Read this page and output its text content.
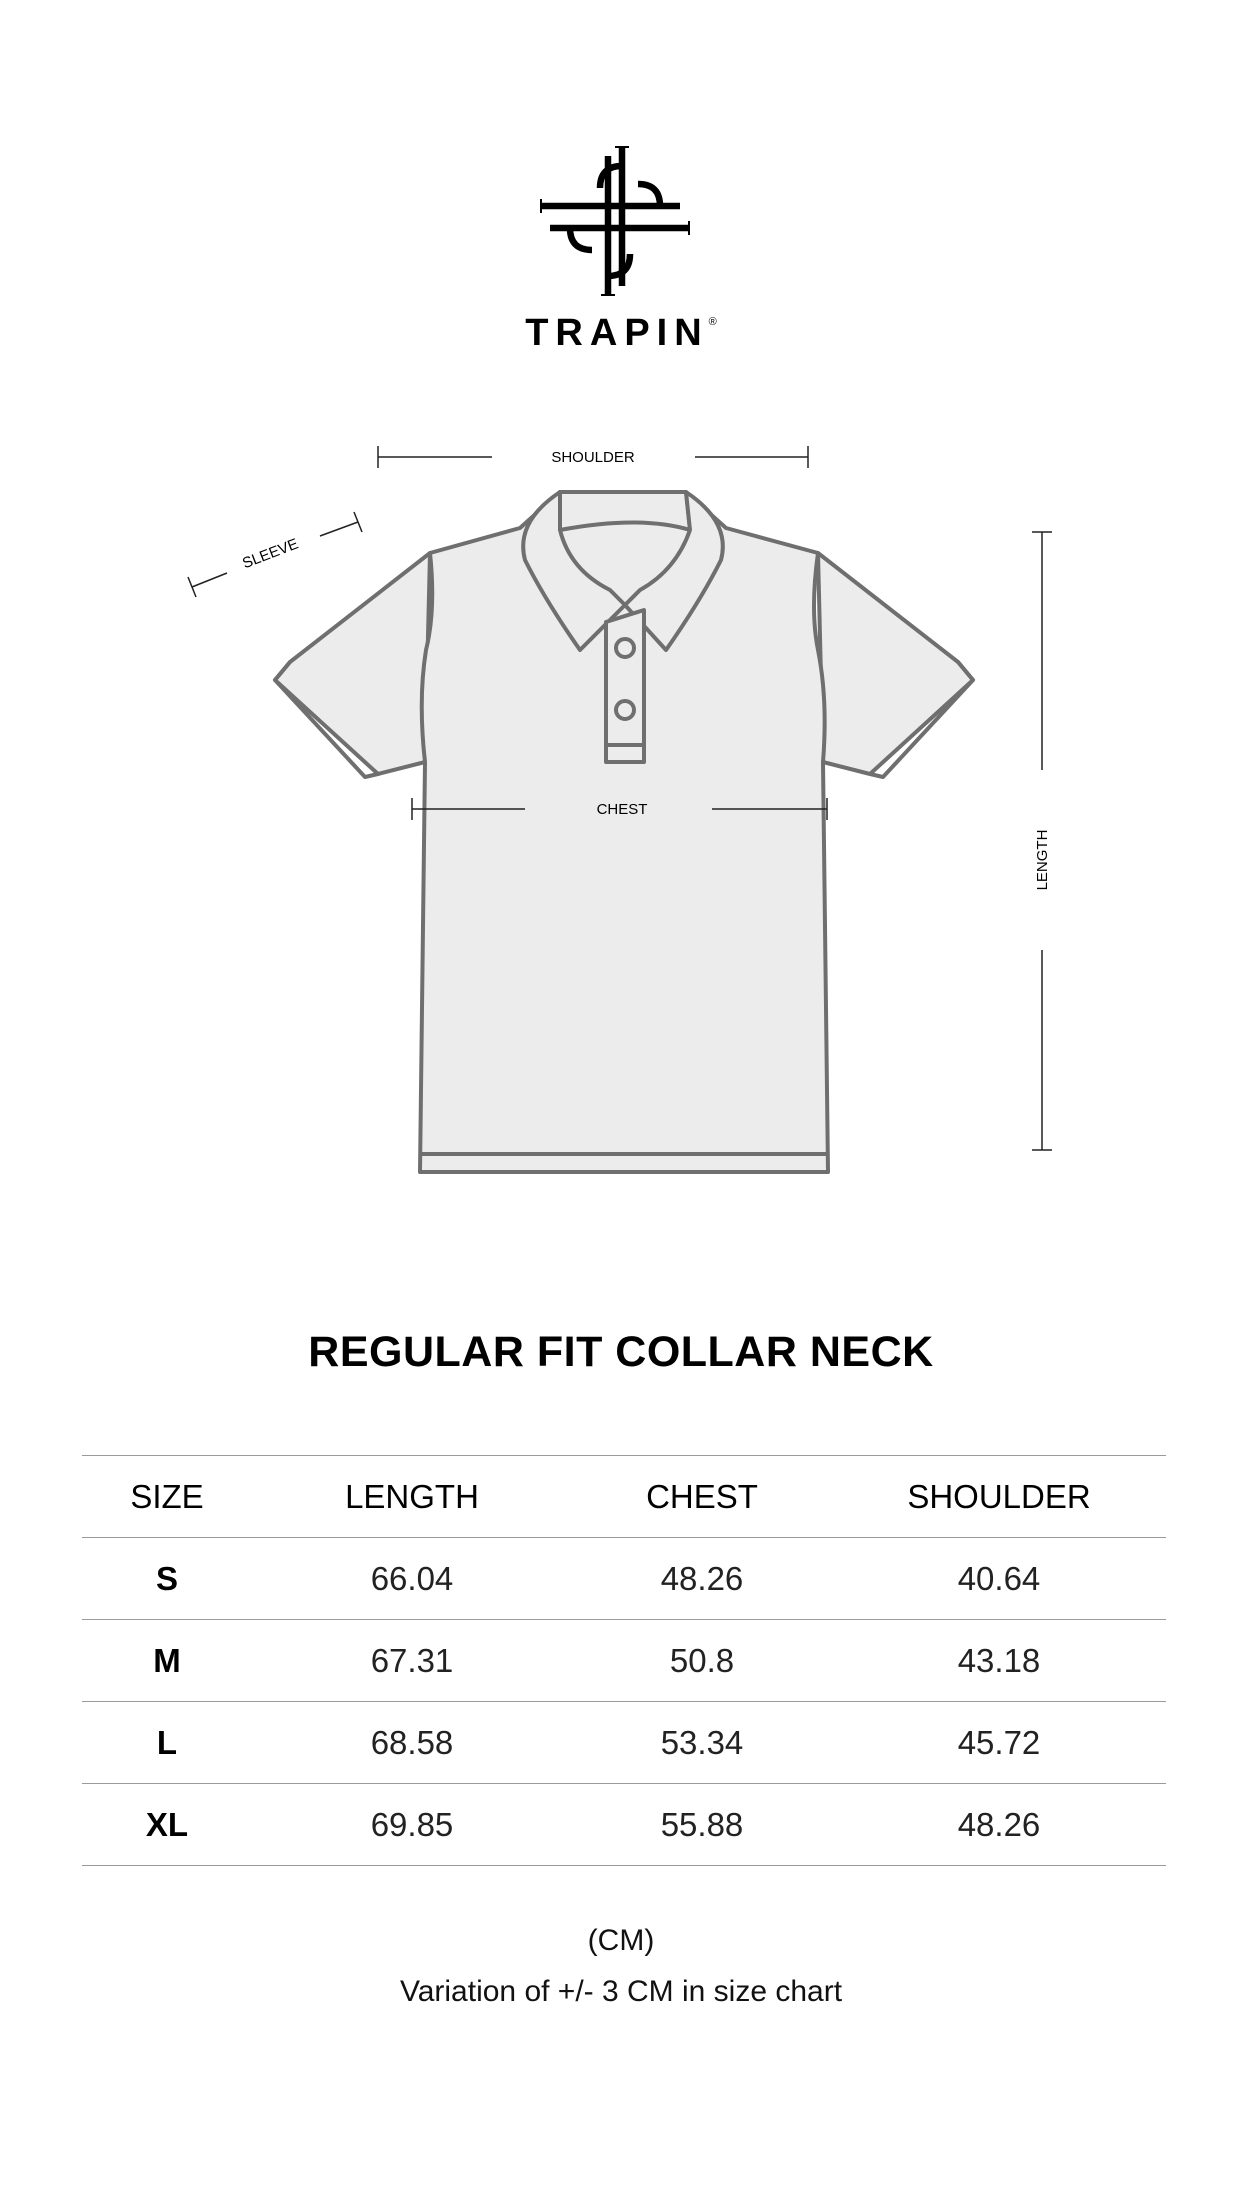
TRAPIN®
SHOULDER
SLEEVE
CHEST
LENGTH
REGULAR FIT COLLAR NECK
SIZE	LENGTH	CHEST	SHOULDER
S	66.04	48.26	40.64
M	67.31	50.8	43.18
L	68.58	53.34	45.72
XL	69.85	55.88	48.26
(CM)
Variation of +/- 3 CM in size chart
